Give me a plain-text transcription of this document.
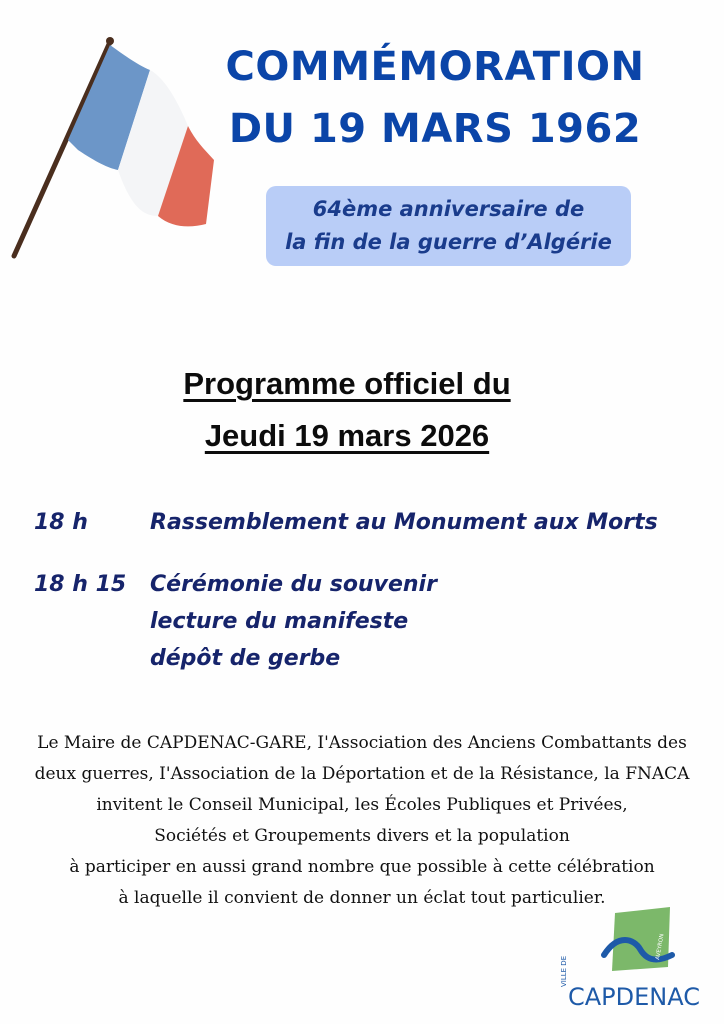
COMMÉMORATION
DU 19 MARS 1962
64ème anniversaire de
la fin de la guerre d’Algérie
Programme officiel du
Jeudi 19 mars 2026
18 h	Rassemblement au Monument aux Morts
18 h 15 Cérémonie du souvenir
lecture du manifeste
dépôt de gerbe
Le Maire de CAPDENAC-GARE, I'Association des Anciens Combattants des
deux guerres, I'Association de la Déportation et de la Résistance, la FNACA
invitent le Conseil Municipal, les Écoles Publiques et Privées,
Sociétés et Groupements divers et la population
à participer en aussi grand nombre que possible à cette célébration
à laquelle il convient de donner un éclat tout particulier.
AVEYRON
VILLE DE
CAPDENAC
